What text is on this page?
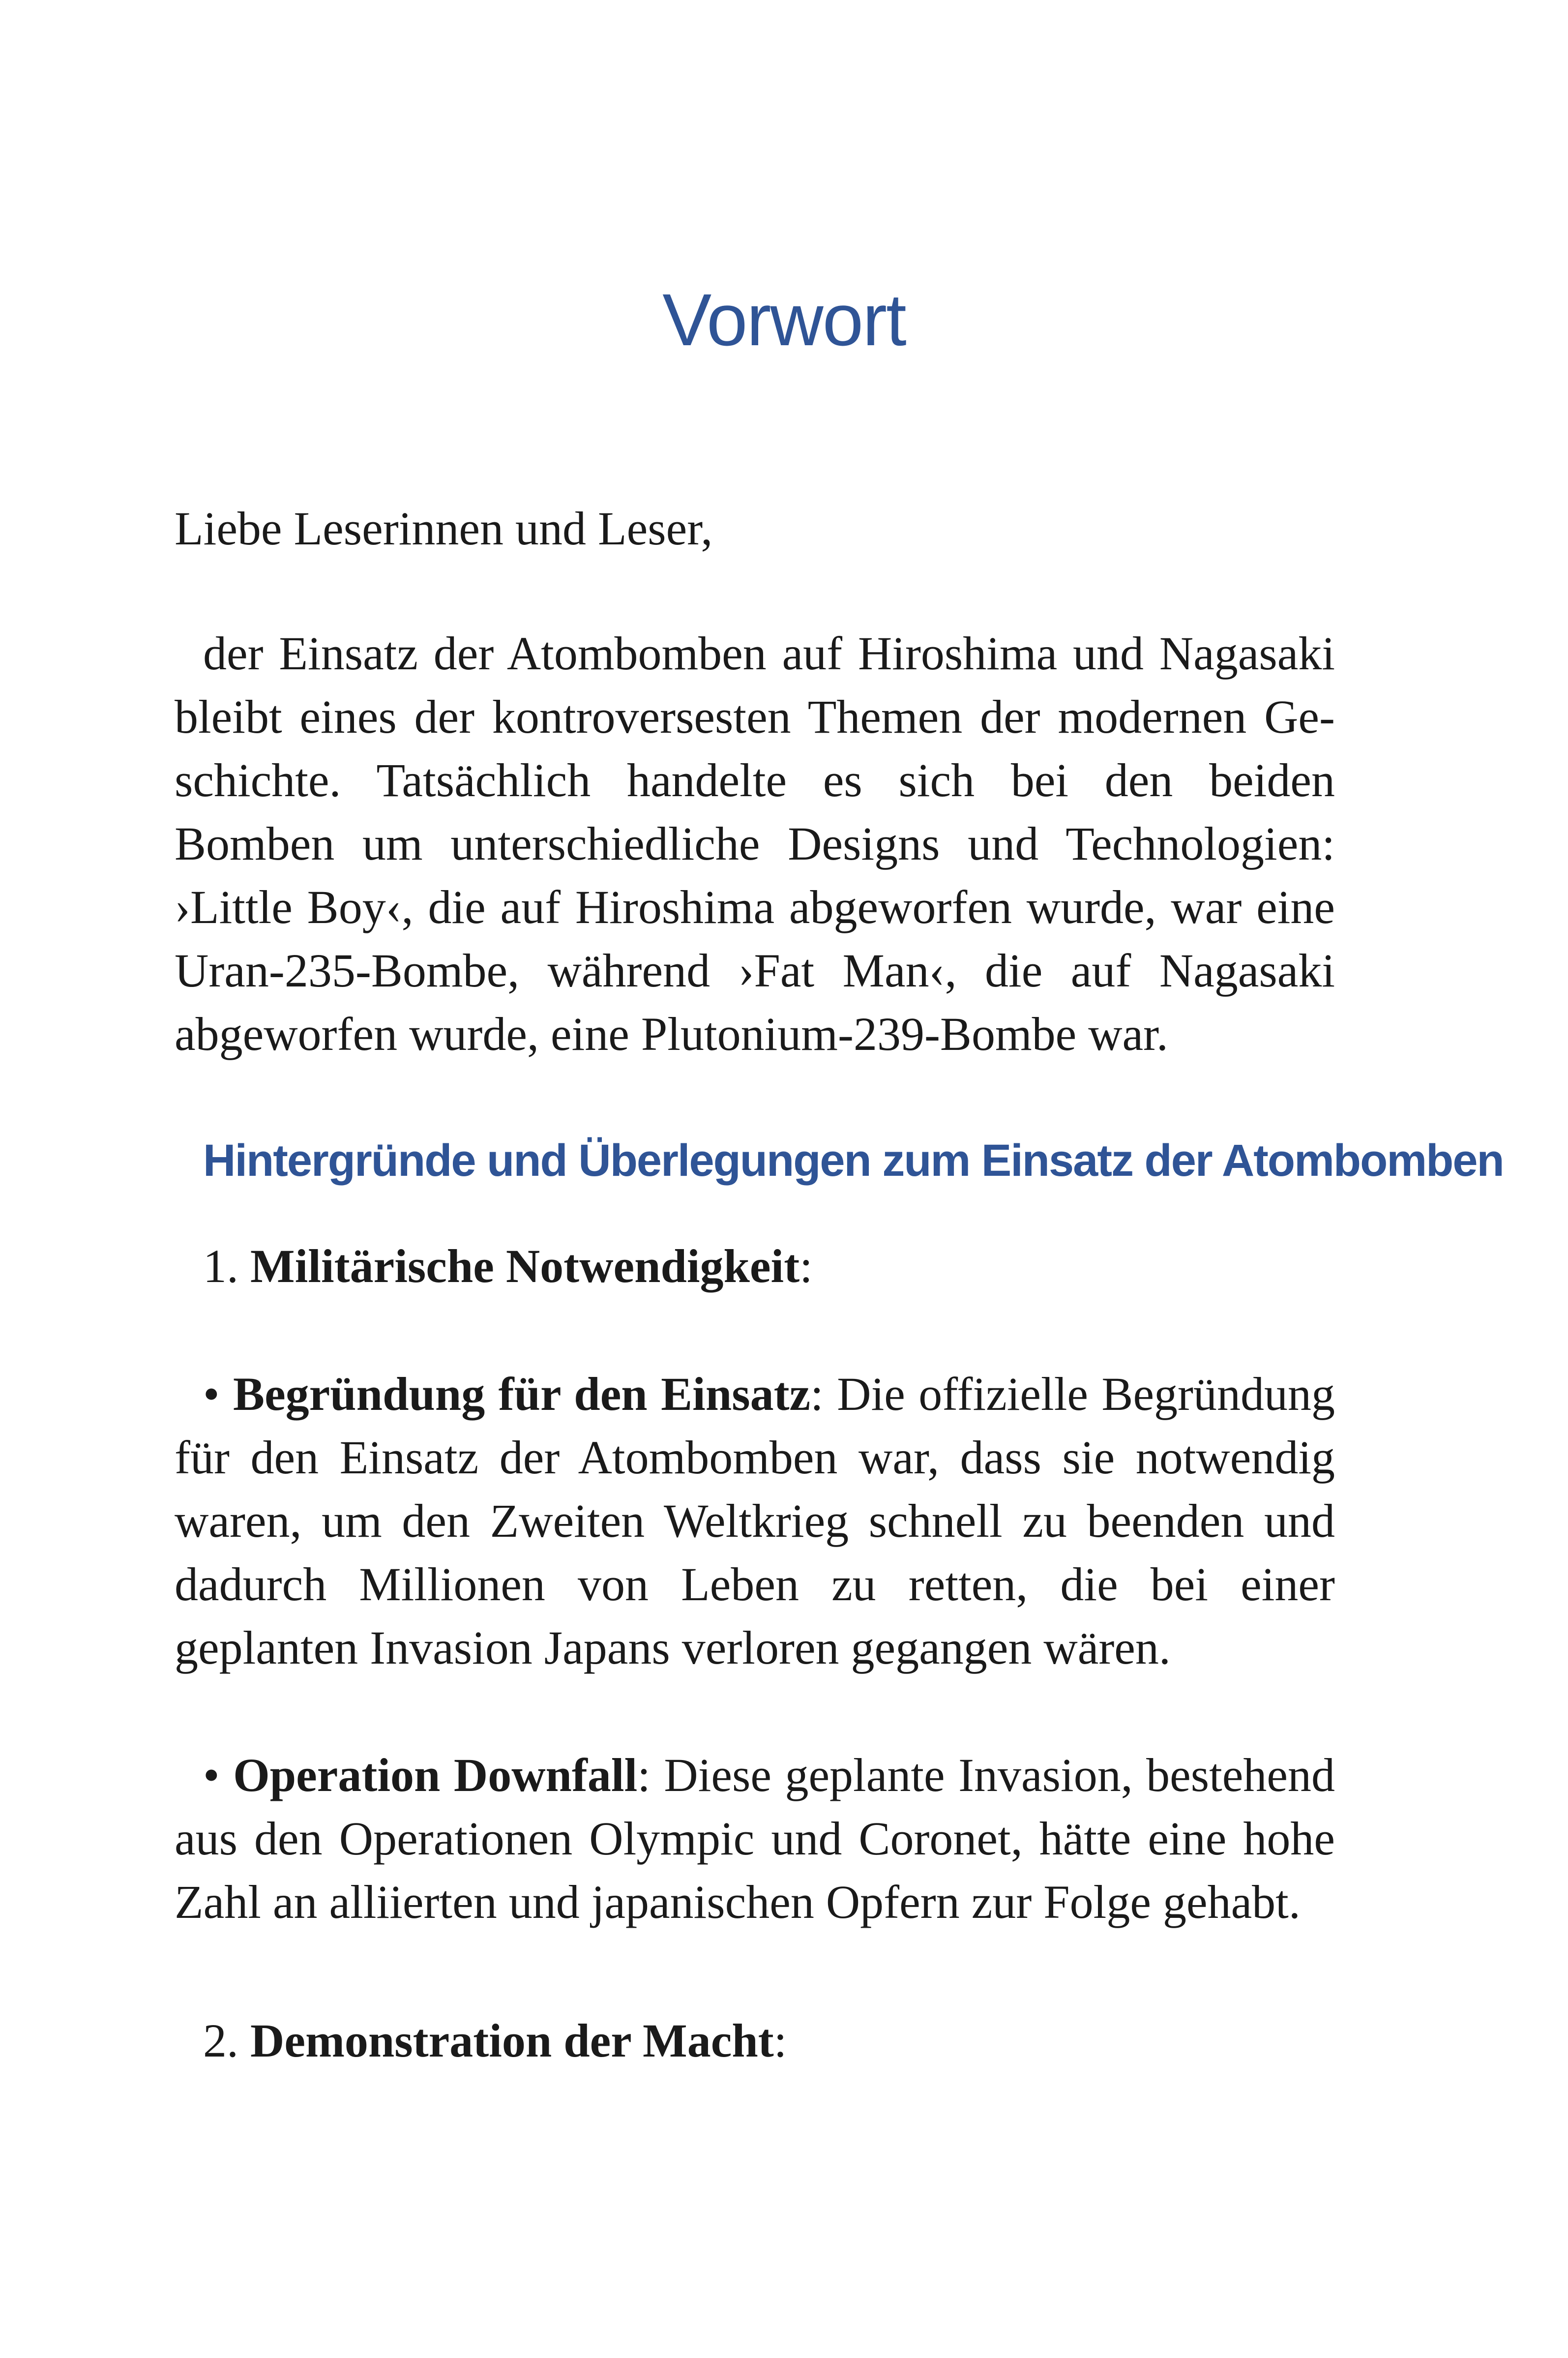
Vorwort

Liebe Leserinnen und Leser,

der Einsatz der Atombomben auf Hiroshima und Nagasaki bleibt eines der kontroversesten Themen der modernen Geschichte. Tatsächlich handelte es sich bei den beiden Bomben um unterschiedliche Designs und Technologien: ›Little Boy‹, die auf Hiroshima abgeworfen wurde, war eine Uran-235-Bombe, während ›Fat Man‹, die auf Nagasaki abgeworfen wurde, eine Plutonium-239-Bombe war.

Hintergründe und Überlegungen zum Einsatz der Atombomben

1. Militärische Notwendigkeit:

• Begründung für den Einsatz: Die offizielle Begründung für den Einsatz der Atombomben war, dass sie notwendig waren, um den Zweiten Weltkrieg schnell zu beenden und dadurch Millionen von Leben zu retten, die bei einer geplanten Invasion Japans verloren gegangen wären.

• Operation Downfall: Diese geplante Invasion, bestehend aus den Operationen Olympic und Coronet, hätte eine hohe Zahl an alliierten und japanischen Opfern zur Folge gehabt.

2. Demonstration der Macht:
